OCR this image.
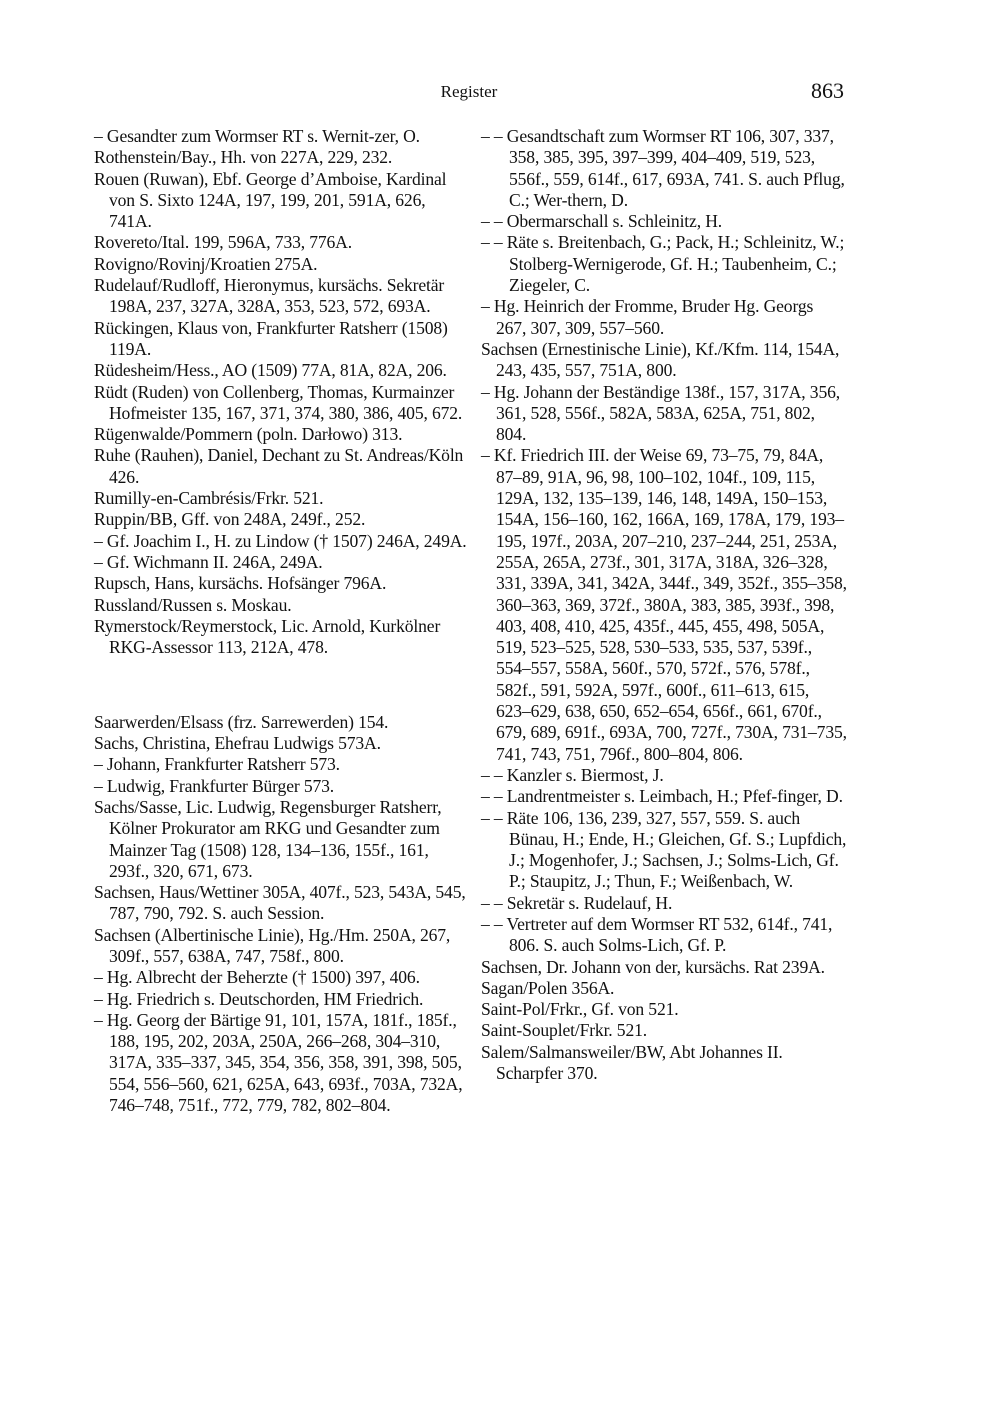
Register	863

– Gesandter zum Wormser RT s. Wernit-zer, O.

Rothenstein/Bay., Hh. von 227A, 229, 232.

Rouen (Ruwan), Ebf. George d’Amboise, Kardinal von S. Sixto 124A, 197, 199, 201, 591A, 626, 741A.

Rovereto/Ital. 199, 596A, 733, 776A.

Rovigno/Rovinj/Kroatien 275A.

Rudelauf/Rudloff, Hieronymus, kursächs. Sekretär 198A, 237, 327A, 328A, 353, 523, 572, 693A.

Rückingen, Klaus von, Frankfurter Ratsherr (1508) 119A.

Rüdesheim/Hess., AO (1509) 77A, 81A, 82A, 206.

Rüdt (Ruden) von Collenberg, Thomas, Kurmainzer Hofmeister 135, 167, 371, 374, 380, 386, 405, 672.

Rügenwalde/Pommern (poln. Darłowo) 313.

Ruhe (Rauhen), Daniel, Dechant zu St. Andreas/Köln 426.

Rumilly-en-Cambrésis/Frkr. 521.

Ruppin/BB, Gff. von 248A, 249f., 252.

– Gf. Joachim I., H. zu Lindow († 1507) 246A, 249A.

– Gf. Wichmann II. 246A, 249A.

Rupsch, Hans, kursächs. Hofsänger 796A.

Russland/Russen s. Moskau.

Rymerstock/Reymerstock, Lic. Arnold, Kurkölner RKG-Assessor 113, 212A, 478.

Saarwerden/Elsass (frz. Sarrewerden) 154.

Sachs, Christina, Ehefrau Ludwigs 573A.

– Johann, Frankfurter Ratsherr 573.

– Ludwig, Frankfurter Bürger 573.

Sachs/Sasse, Lic. Ludwig, Regensburger Ratsherr, Kölner Prokurator am RKG und Gesandter zum Mainzer Tag (1508) 128, 134–136, 155f., 161, 293f., 320, 671, 673.

Sachsen, Haus/Wettiner 305A, 407f., 523, 543A, 545, 787, 790, 792. S. auch Session.

Sachsen (Albertinische Linie), Hg./Hm. 250A, 267, 309f., 557, 638A, 747, 758f., 800.

– Hg. Albrecht der Beherzte († 1500) 397, 406.

– Hg. Friedrich s. Deutschorden, HM Friedrich.

– Hg. Georg der Bärtige 91, 101, 157A, 181f., 185f., 188, 195, 202, 203A, 250A, 266–268, 304–310, 317A, 335–337, 345, 354, 356, 358, 391, 398, 505, 554, 556–560, 621, 625A, 643, 693f., 703A, 732A, 746–748, 751f., 772, 779, 782, 802–804.

– – Gesandtschaft zum Wormser RT 106, 307, 337, 358, 385, 395, 397–399, 404–409, 519, 523, 556f., 559, 614f., 617, 693A, 741. S. auch Pflug, C.; Wer-thern, D.

– – Obermarschall s. Schleinitz, H.

– – Räte s. Breitenbach, G.; Pack, H.; Schleinitz, W.; Stolberg-Wernigerode, Gf. H.; Taubenheim, C.; Ziegeler, C.

– Hg. Heinrich der Fromme, Bruder Hg. Georgs 267, 307, 309, 557–560.

Sachsen (Ernestinische Linie), Kf./Kfm. 114, 154A, 243, 435, 557, 751A, 800.

– Hg. Johann der Beständige 138f., 157, 317A, 356, 361, 528, 556f., 582A, 583A, 625A, 751, 802, 804.

– Kf. Friedrich III. der Weise 69, 73–75, 79, 84A, 87–89, 91A, 96, 98, 100–102, 104f., 109, 115, 129A, 132, 135–139, 146, 148, 149A, 150–153, 154A, 156–160, 162, 166A, 169, 178A, 179, 193–195, 197f., 203A, 207–210, 237–244, 251, 253A, 255A, 265A, 273f., 301, 317A, 318A, 326–328, 331, 339A, 341, 342A, 344f., 349, 352f., 355–358, 360–363, 369, 372f., 380A, 383, 385, 393f., 398, 403, 408, 410, 425, 435f., 445, 455, 498, 505A, 519, 523–525, 528, 530–533, 535, 537, 539f., 554–557, 558A, 560f., 570, 572f., 576, 578f., 582f., 591, 592A, 597f., 600f., 611–613, 615, 623–629, 638, 650, 652–654, 656f., 661, 670f., 679, 689, 691f., 693A, 700, 727f., 730A, 731–735, 741, 743, 751, 796f., 800–804, 806.

– – Kanzler s. Biermost, J.

– – Landrentmeister s. Leimbach, H.; Pfef-finger, D.

– – Räte 106, 136, 239, 327, 557, 559. S. auch Bünau, H.; Ende, H.; Gleichen, Gf. S.; Lupfdich, J.; Mogenhofer, J.; Sachsen, J.; Solms-Lich, Gf. P.; Staupitz, J.; Thun, F.; Weißenbach, W.

– – Sekretär s. Rudelauf, H.

– – Vertreter auf dem Wormser RT 532, 614f., 741, 806. S. auch Solms-Lich, Gf. P.

Sachsen, Dr. Johann von der, kursächs. Rat 239A.

Sagan/Polen 356A.

Saint-Pol/Frkr., Gf. von 521.

Saint-Souplet/Frkr. 521.

Salem/Salmansweiler/BW, Abt Johannes II. Scharpfer 370.
